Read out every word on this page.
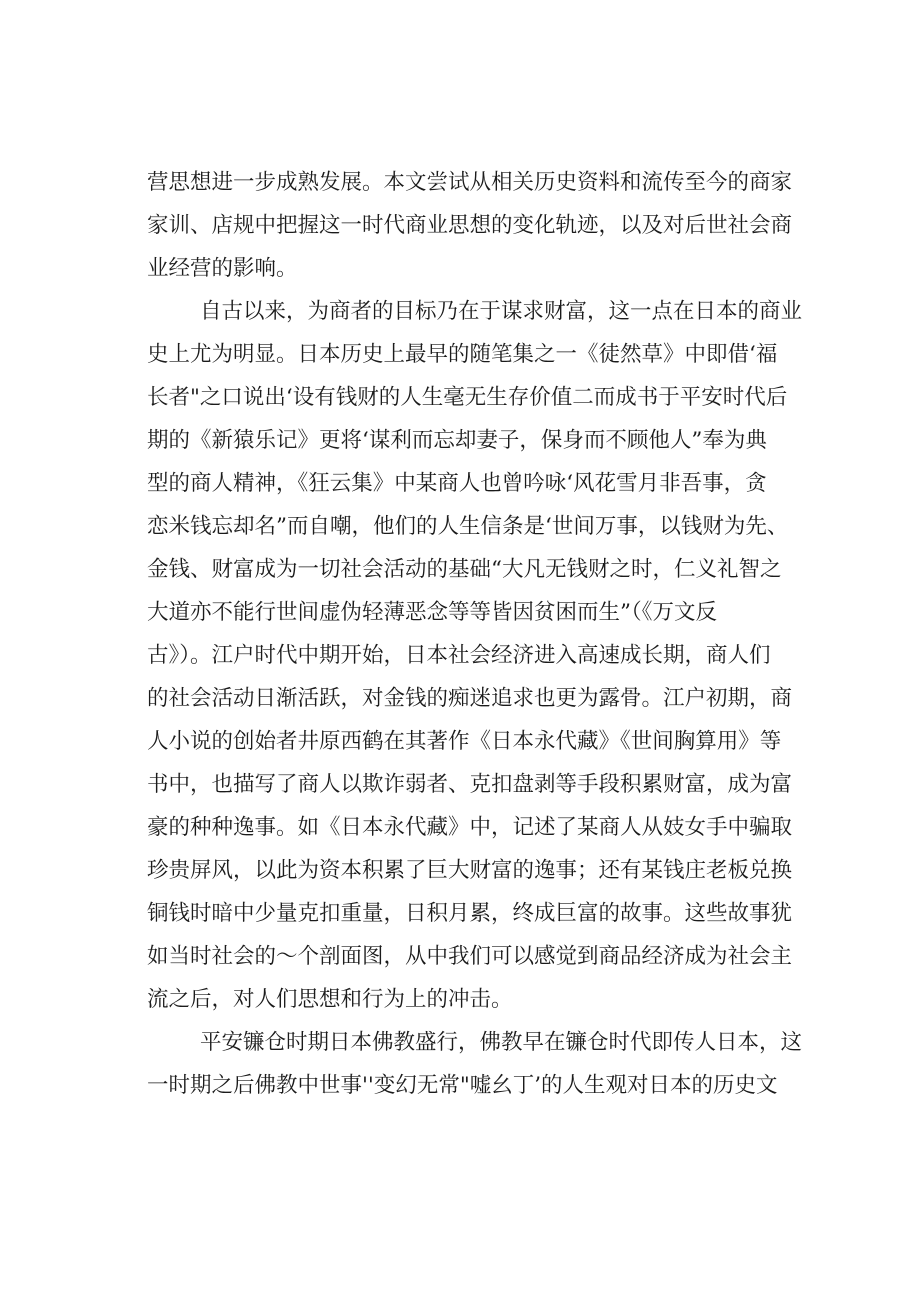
营思想进一步成熟发展。本文尝试从相关历史资料和流传至今的商家
家训、店规中把握这一时代商业思想的变化轨迹，以及对后世社会商
业经营的影响。
自古以来，为商者的目标乃在于谋求财富，这一点在日本的商业
史上尤为明显。日本历史上最早的随笔集之一《徒然草》中即借‘福
长者"之口说出‘设有钱财的人生毫无生存价值二而成书于平安时代后
期的《新猿乐记》更将‘谋利而忘却妻子，保身而不顾他人”奉为典
型的商人精神，《狂云集》中某商人也曾吟咏‘风花雪月非吾事，贪
恋米钱忘却名”而自嘲，他们的人生信条是‘世间万事，以钱财为先、
金钱、财富成为一切社会活动的基础“大凡无钱财之时，仁义礼智之
大道亦不能行世间虚伪轻薄恶念等等皆因贫困而生”（《万文反
古》）。江户时代中期开始，日本社会经济进入高速成长期，商人们
的社会活动日渐活跃，对金钱的痴迷追求也更为露骨。江户初期，商
人小说的创始者井原西鹤在其著作《日本永代藏》《世间胸算用》等
书中，也描写了商人以欺诈弱者、克扣盘剥等手段积累财富，成为富
豪的种种逸事。如《日本永代藏》中，记述了某商人从妓女手中骗取
珍贵屏风，以此为资本积累了巨大财富的逸事；还有某钱庄老板兑换
铜钱时暗中少量克扣重量，日积月累，终成巨富的故事。这些故事犹
如当时社会的～个剖面图，从中我们可以感觉到商品经济成为社会主
流之后，对人们思想和行为上的冲击。
平安镰仓时期日本佛教盛行，佛教早在镰仓时代即传人日本，这
一时期之后佛教中世事''变幻无常"嘘幺丁’的人生观对日本的历史文
